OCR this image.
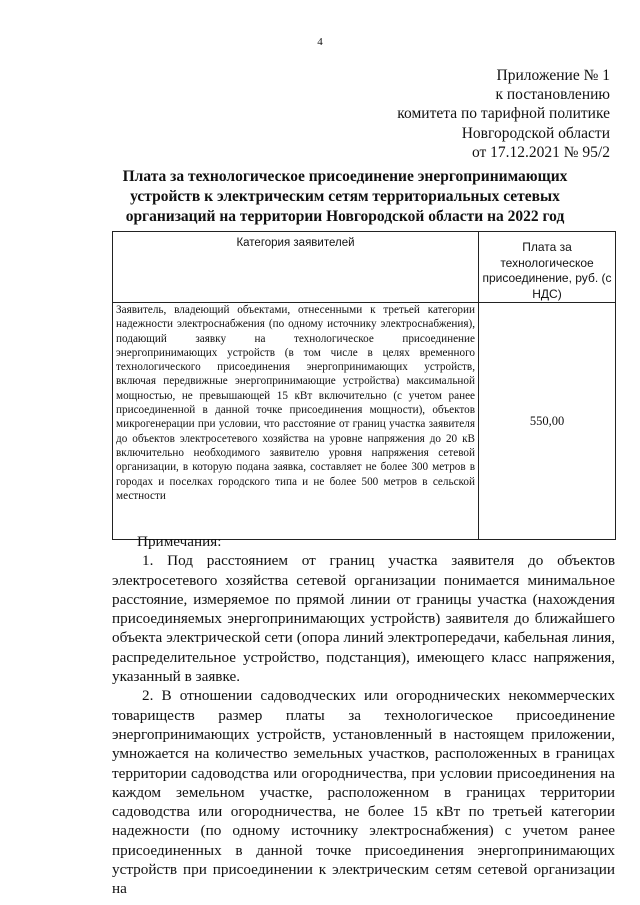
4
Приложение № 1
к постановлению
комитета по тарифной политике
Новгородской области
от 17.12.2021 № 95/2
Плата за технологическое присоединение энергопринимающих устройств к электрическим сетям территориальных сетевых организаций на территории Новгородской области на 2022 год
Категория заявителей	Плата за технологическое присоединение, руб. (с НДС)
Заявитель, владеющий объектами, отнесенными к третьей категории надежности электроснабжения (по одному источнику электроснабжения), подающий заявку на технологическое присоединение энергопринимающих устройств (в том числе в целях временного технологического присоединения энергопринимающих устройств, включая передвижные энергопринимающие устройства) максимальной мощностью, не превышающей 15 кВт включительно (с учетом ранее присоединенной в данной точке присоединения мощности), объектов микрогенерации при условии, что расстояние от границ участка заявителя до объектов электросетевого хозяйства на уровне напряжения до 20 кВ включительно необходимого заявителю уровня напряжения сетевой организации, в которую подана заявка, составляет не более 300 метров в городах и поселках городского типа и не более 500 метров в сельской местности	550,00

Примечания:

1. Под расстоянием от границ участка заявителя до объектов электросетевого хозяйства сетевой организации понимается минимальное расстояние, измеряемое по прямой линии от границы участка (нахождения присоединяемых энергопринимающих устройств) заявителя до ближайшего объекта электрической сети (опора линий электропередачи, кабельная линия, распределительное устройство, подстанция), имеющего класс напряжения, указанный в заявке.

2. В отношении садоводческих или огороднических некоммерческих товариществ размер платы за технологическое присоединение энергопринимающих устройств, установленный в настоящем приложении, умножается на количество земельных участков, расположенных в границах территории садоводства или огородничества, при условии присоединения на каждом земельном участке, расположенном в границах территории садоводства или огородничества, не более 15 кВт по третьей категории надежности (по одному источнику электроснабжения) с учетом ранее присоединенных в данной точке присоединения энергопринимающих устройств при присоединении к электрическим сетям сетевой организации на
